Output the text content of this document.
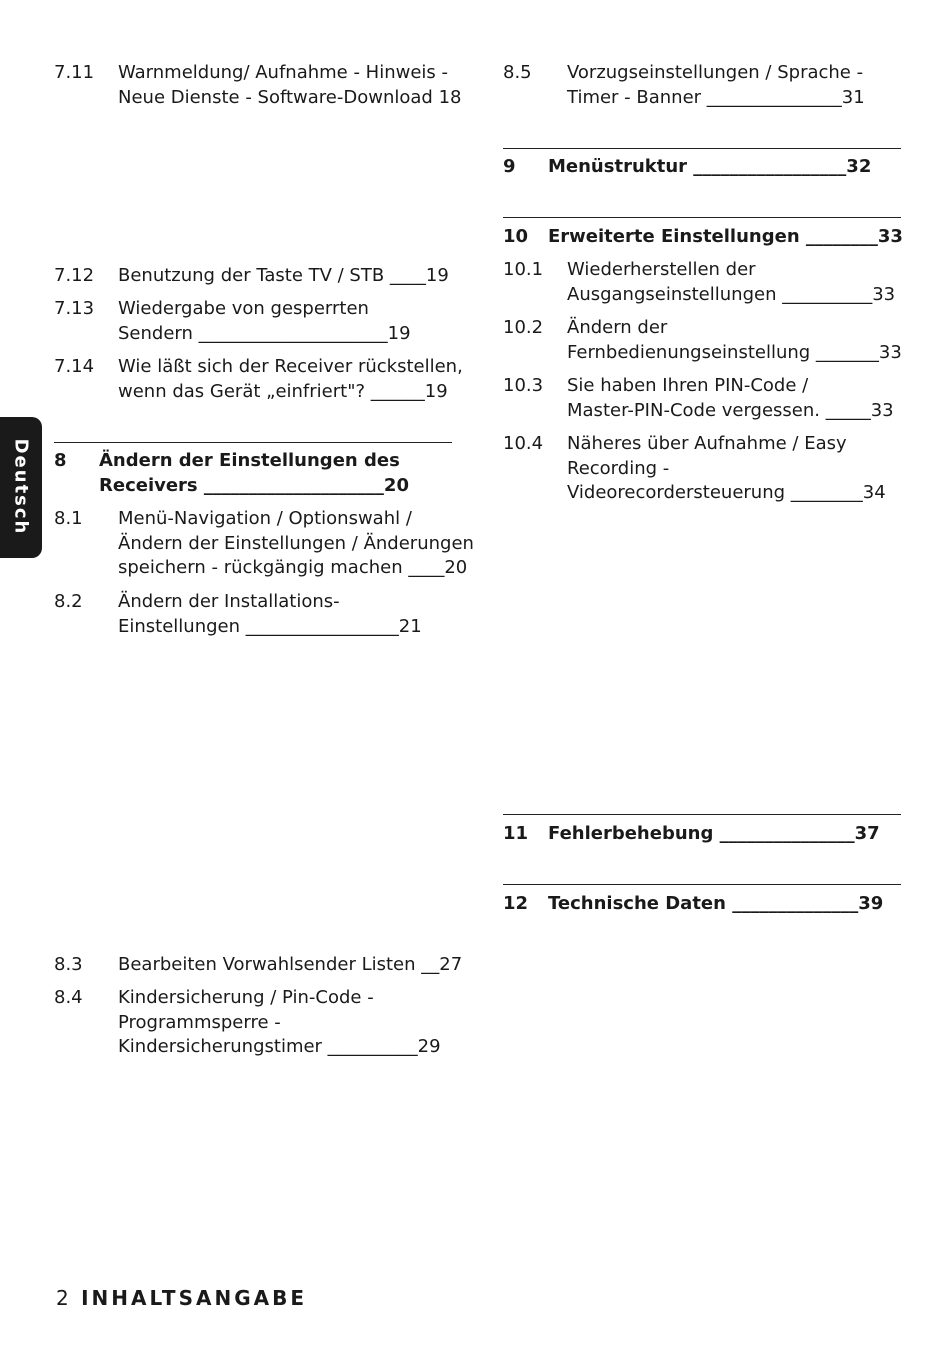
Deutsch
7.11 Warnmeldung/ Aufnahme - Hinweis -
Neue Dienste - Software-Download 18
7.12 Benutzung der Taste TV / STB ____19
7.13 Wiedergabe von gesperrten
Sendern _____________________19
7.14 Wie läßt sich der Receiver rückstellen,
wenn das Gerät „einfriert"? ______19
8 Ändern der Einstellungen des
Receivers ____________________20
8.1 Menü-Navigation / Optionswahl /
Ändern der Einstellungen / Änderungen
speichern - rückgängig machen ____20
8.2 Ändern der Installations-
Einstellungen _________________21
8.3 Bearbeiten Vorwahlsender Listen __27
8.4 Kindersicherung / Pin-Code -
Programmsperre -
Kindersicherungstimer __________29
8.5 Vorzugseinstellungen / Sprache -
Timer - Banner _______________31
9 Menüstruktur _________________32
10 Erweiterte Einstellungen ________33
10.1 Wiederherstellen der
Ausgangseinstellungen __________33
10.2 Ändern der
Fernbedienungseinstellung _______33
10.3 Sie haben Ihren PIN-Code /
Master-PIN-Code vergessen. _____33
10.4 Näheres über Aufnahme / Easy
Recording -
Videorecordersteuerung ________34
11 Fehlerbehebung _______________37
12 Technische Daten ______________39
2 INHALTSANGABE
